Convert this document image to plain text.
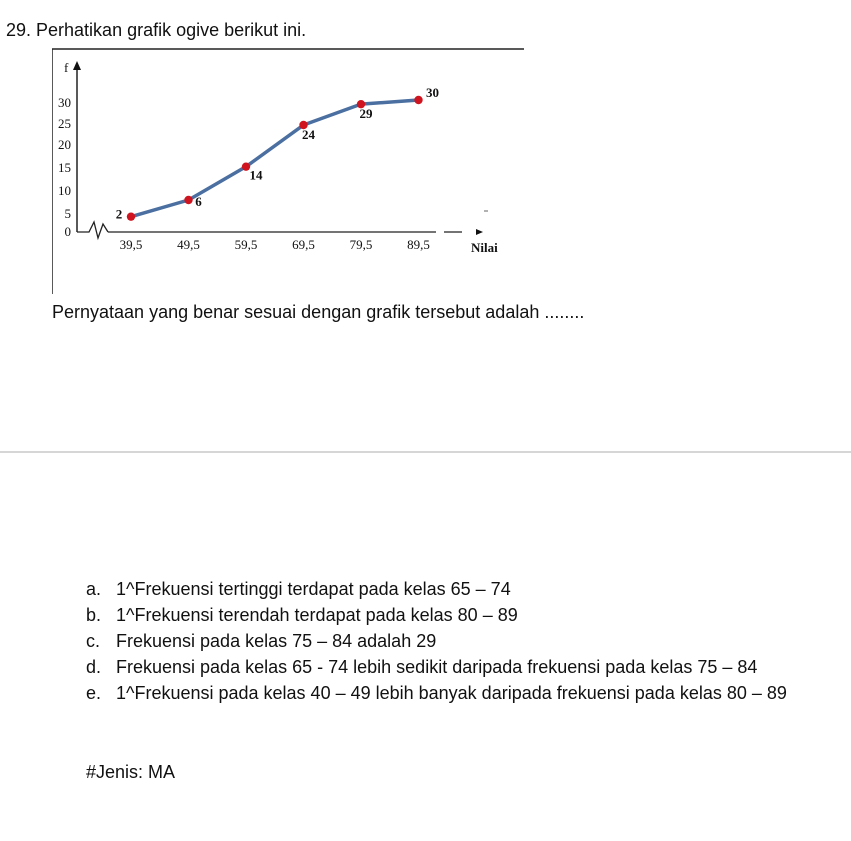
29. Perhatikan grafik ogive berikut ini.
f
Nilai
0
5
10
15
20
25
30
39,5	49,5	59,5	69,5	79,5	89,5
2
6
14
24
29
30
Pernyataan yang benar sesuai dengan grafik tersebut adalah ........
a. 1^Frekuensi tertinggi terdapat pada kelas 65 – 74
b. 1^Frekuensi terendah terdapat pada kelas 80 – 89
c. Frekuensi pada kelas 75 – 84 adalah 29
d. Frekuensi pada kelas 65 - 74 lebih sedikit daripada frekuensi pada kelas 75 – 84
e. 1^Frekuensi pada kelas 40 – 49 lebih banyak daripada frekuensi pada kelas 80 – 89
#Jenis: MA
